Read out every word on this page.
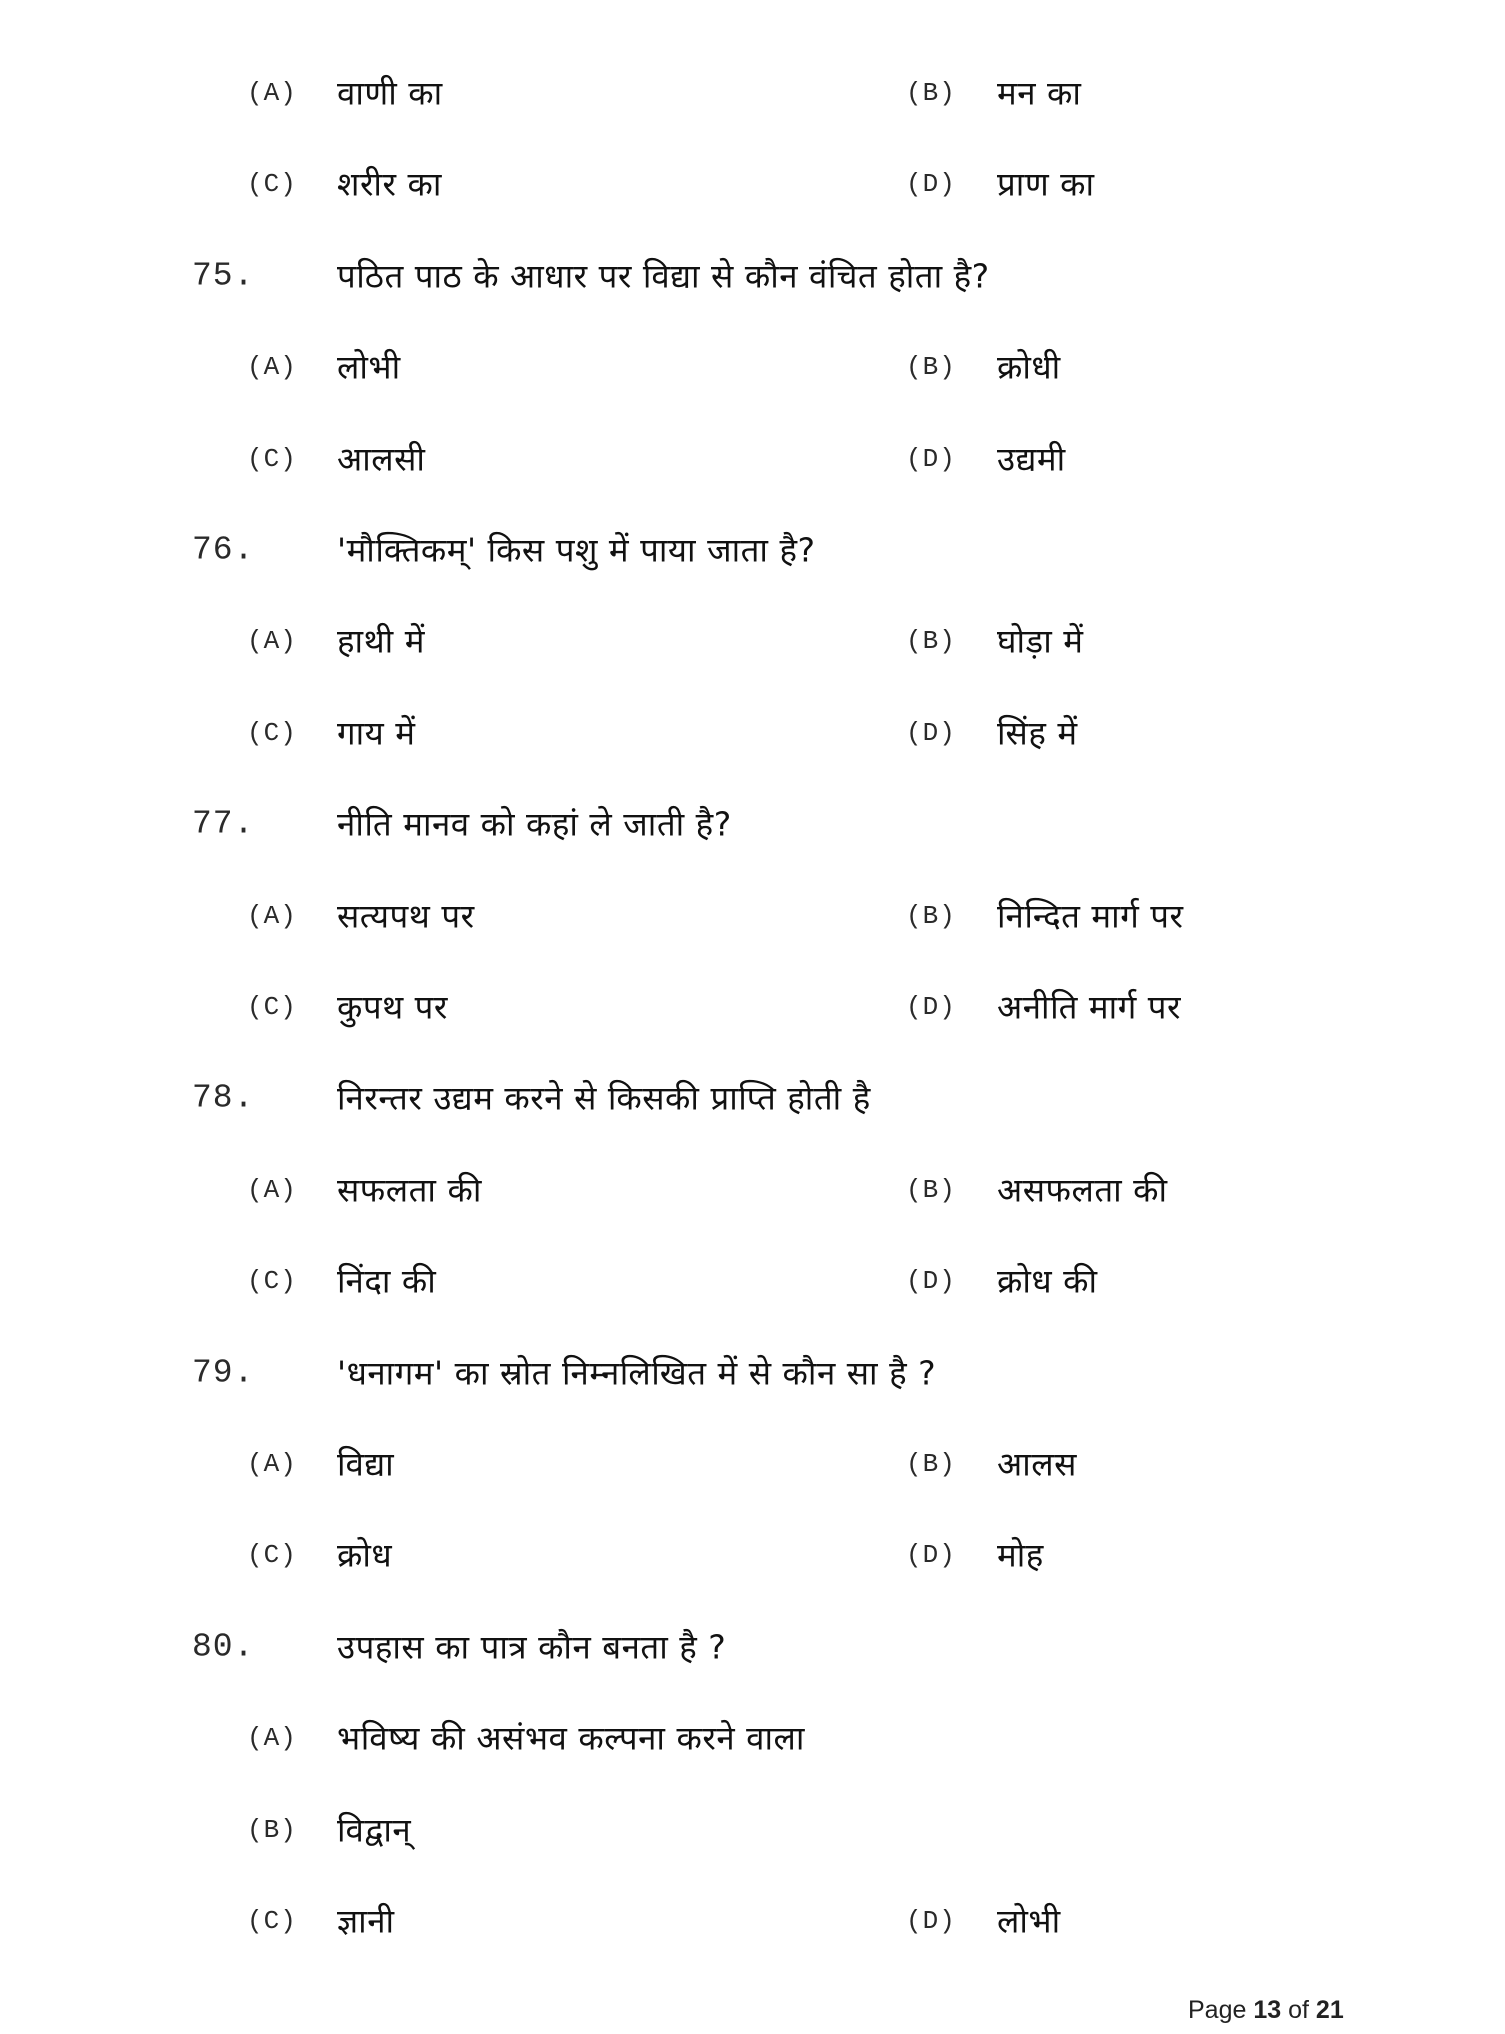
(A) वाणी का	(B) मन का
(C) शरीर का	(D) प्राण का
75.	पठित पाठ के आधार पर विद्या से कौन वंचित होता है?
(A) लोभी	(B) क्रोधी
(C) आलसी	(D) उद्यमी
76.	'मौक्तिकम्' किस पशु में पाया जाता है?
(A) हाथी में	(B) घोड़ा में
(C) गाय में	(D) सिंह में
77.	नीति मानव को कहां ले जाती है?
(A) सत्यपथ पर	(B) निन्दित मार्ग पर
(C) कुपथ पर	(D) अनीति मार्ग पर
78.	निरन्तर उद्यम करने से किसकी प्राप्ति होती है
(A) सफलता की	(B) असफलता की
(C) निंदा की	(D) क्रोध की
79.	'धनागम' का स्रोत निम्नलिखित में से कौन सा है ?
(A) विद्या	(B) आलस
(C) क्रोध	(D) मोह
80.	उपहास का पात्र कौन बनता है ?
(A) भविष्य की असंभव कल्पना करने वाला
(B) विद्वान्
(C) ज्ञानी	(D) लोभी
Page 13 of 21
